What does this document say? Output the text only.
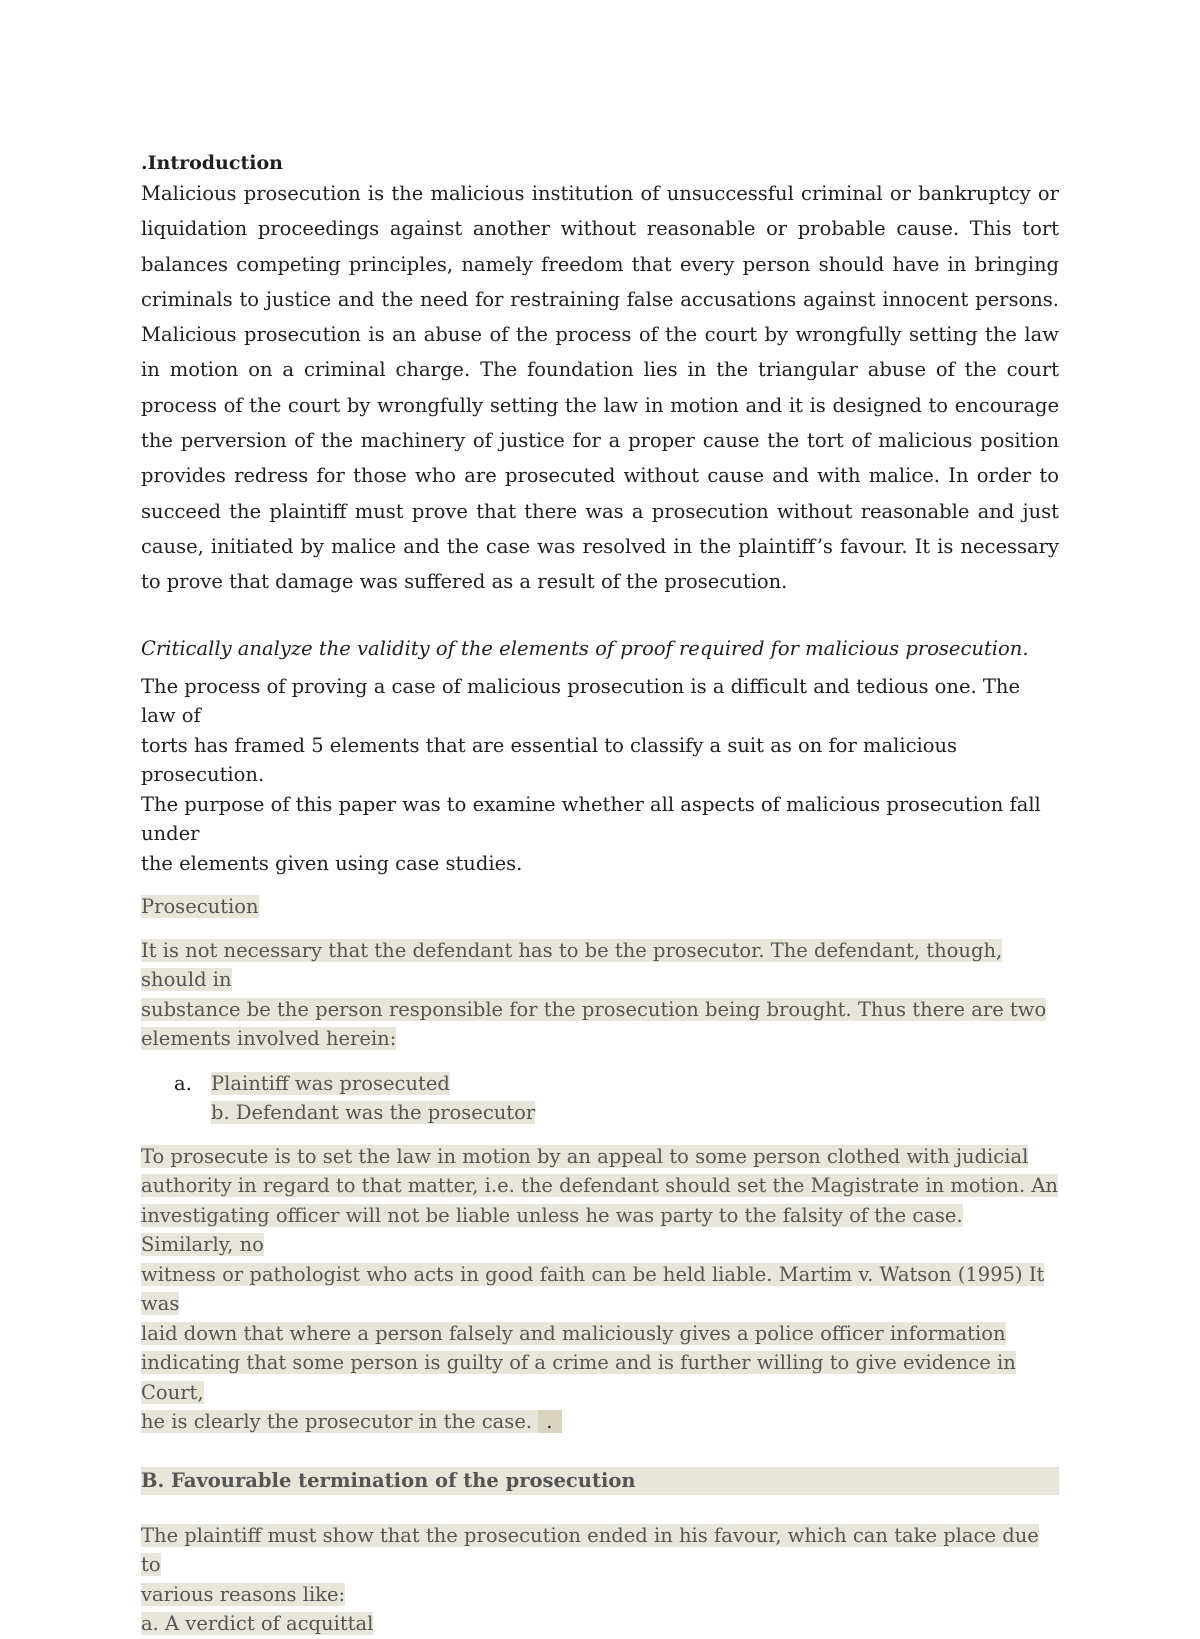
.Introduction

Malicious prosecution is the malicious institution of unsuccessful criminal or bankruptcy or liquidation proceedings against another without reasonable or probable cause. This tort balances competing principles, namely freedom that every person should have in bringing criminals to justice and the need for restraining false accusations against innocent persons. Malicious prosecution is an abuse of the process of the court by wrongfully setting the law in motion on a criminal charge. The foundation lies in the triangular abuse of the court process of the court by wrongfully setting the law in motion and it is designed to encourage the perversion of the machinery of justice for a proper cause the tort of malicious position provides redress for those who are prosecuted without cause and with malice. In order to succeed the plaintiff must prove that there was a prosecution without reasonable and just cause, initiated by malice and the case was resolved in the plaintiff’s favour. It is necessary to prove that damage was suffered as a result of the prosecution.

Critically analyze the validity of the elements of proof required for malicious prosecution.

The process of proving a case of malicious prosecution is a difficult and tedious one. The law of
torts has framed 5 elements that are essential to classify a suit as on for malicious prosecution.
The purpose of this paper was to examine whether all aspects of malicious prosecution fall under
the elements given using case studies.

Prosecution

It is not necessary that the defendant has to be the prosecutor. The defendant, though, should in
substance be the person responsible for the prosecution being brought. Thus there are two
elements involved herein:

a. Plaintiff was prosecuted
b. Defendant was the prosecutor

To prosecute is to set the law in motion by an appeal to some person clothed with judicial
authority in regard to that matter, i.e. the defendant should set the Magistrate in motion. An
investigating officer will not be liable unless he was party to the falsity of the case. Similarly, no
witness or pathologist who acts in good faith can be held liable. Martim v. Watson (1995) It was
laid down that where a person falsely and maliciously gives a police officer information
indicating that some person is guilty of a crime and is further willing to give evidence in Court,
he is clearly the prosecutor in the case. .

B. Favourable termination of the prosecution

The plaintiff must show that the prosecution ended in his favour, which can take place due to
various reasons like:
a. A verdict of acquittal
